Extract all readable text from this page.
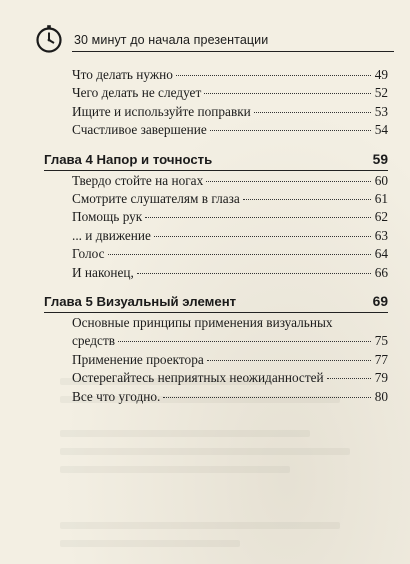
30 минут до начала презентации
Что делать нужно	49
Чего делать не следует	52
Ищите и используйте поправки	53
Счастливое завершение	54
Глава 4 Напор и точность	59
Твердо стойте на ногах	60
Смотрите слушателям в глаза	61
Помощь рук	62
... и движение	63
Голос	64
И наконец,	66
Глава 5 Визуальный элемент	69
Основные принципы применения визуальных
средств	75
Применение проектора	77
Остерегайтесь неприятных неожиданностей	79
Все что угодно.	80
